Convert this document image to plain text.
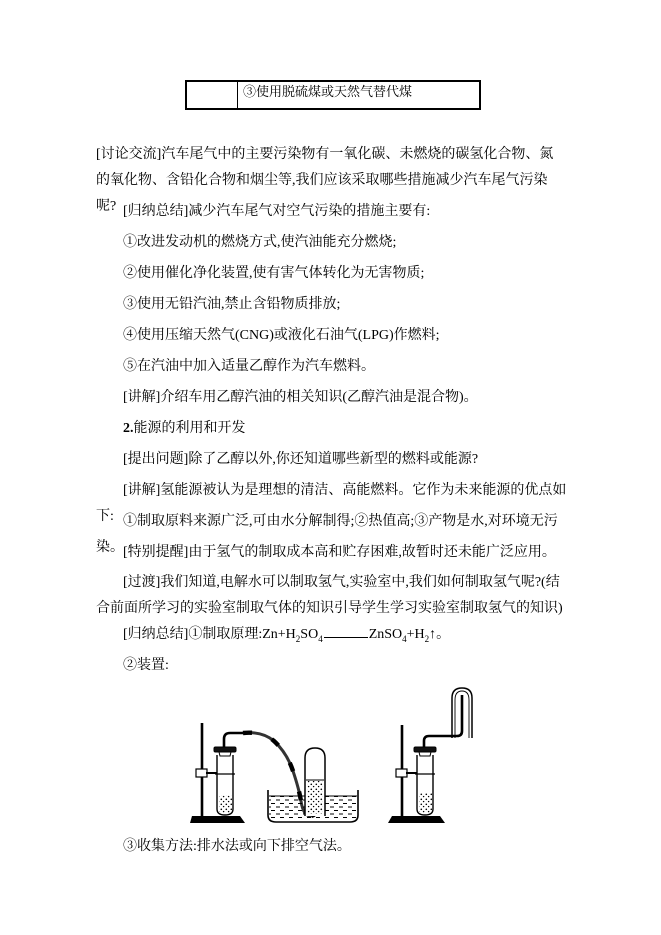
③使用脱硫煤或天然气替代煤

[讨论交流]汽车尾气中的主要污染物有一氧化碳、未燃烧的碳氢化合物、氮的氧化物、含铅化合物和烟尘等,我们应该采取哪些措施减少汽车尾气污染呢? [归纳总结]减少汽车尾气对空气污染的措施主要有:

①改进发动机的燃烧方式,使汽油能充分燃烧;

②使用催化净化装置,使有害气体转化为无害物质;

③使用无铅汽油,禁止含铅物质排放;

④使用压缩天然气(CNG)或液化石油气(LPG)作燃料;

⑤在汽油中加入适量乙醇作为汽车燃料。

[讲解]介绍车用乙醇汽油的相关知识(乙醇汽油是混合物)。

2.能源的利用和开发

[提出问题]除了乙醇以外,你还知道哪些新型的燃料或能源?

[讲解]氢能源被认为是理想的清洁、高能燃料。它作为未来能源的优点如下: ①制取原料来源广泛,可由水分解制得;②热值高;③产物是水,对环境无污染。 [特别提醒]由于氢气的制取成本高和贮存困难,故暂时还未能广泛应用。

[过渡]我们知道,电解水可以制取氢气,实验室中,我们如何制取氢气呢?(结合前面所学习的实验室制取气体的知识引导学生学习实验室制取氢气的知识)

[归纳总结]①制取原理$:Zn+H_2SO_4$	$ZnSO_4+H_2↑$。

②装置:

③收集方法:排水法或向下排空气法。
